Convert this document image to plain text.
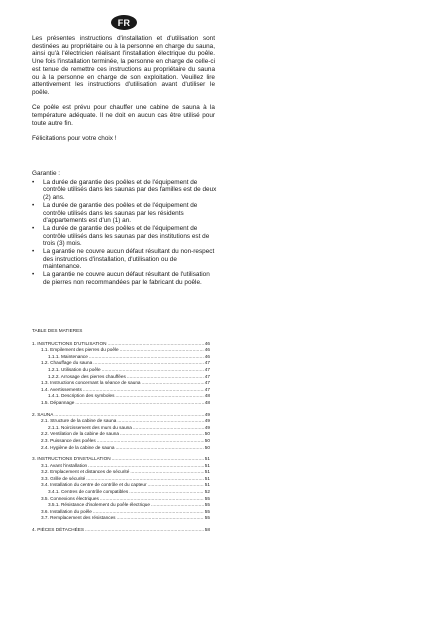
FR

Les présentes instructions d'installation et d'utilisation sont destinées au propriétaire ou à la personne en charge du sauna, ainsi qu'à l'électricien réalisant l'installation électrique du poêle. Une fois l'installation terminée, la personne en charge de celle-ci est tenue de remettre ces instructions au propriétaire du sauna ou à la personne en charge de son exploitation. Veuillez lire attentivement les instructions d'utilisation avant d'utiliser le poêle.

Ce poêle est prévu pour chauffer une cabine de sauna à la température adéquate. Il ne doit en aucun cas être utilisé pour toute autre fin.

Félicitations pour votre choix !

Garantie :

• La durée de garantie des poêles et de l'équipement de contrôle utilisés dans les saunas par des familles est de deux (2) ans.
• La durée de garantie des poêles et de l'équipement de contrôle utilisés dans les saunas par les résidents d'appartements est d'un (1) an.
• La durée de garantie des poêles et de l'équipement de contrôle utilisés dans les saunas par des institutions est de trois (3) mois.
• La garantie ne couvre aucun défaut résultant du non-respect des instructions d'installation, d'utilisation ou de maintenance.
• La garantie ne couvre aucun défaut résultant de l'utilisation de pierres non recommandées par le fabricant du poêle.

TABLE DES MATIERES

1. INSTRUCTIONS D'UTILISATION .....	46
1.1. Empilement des pierres du poêle .....	46
1.1.1. Maintenance .....	46
1.2. Chauffage du sauna .....	47
1.2.1. Utilisation du poêle .....	47
1.2.2. Arrosage des pierres chauffées .....	47
1.3. Instructions concernant la séance de sauna .....	47
1.4. Avertissements .....	47
1.4.1. Description des symboles .....	48
1.5. Dépannage .....	48
2. SAUNA .....	49
2.1. Structure de la cabine de sauna .....	49
2.1.1. Noircissement des murs du sauna .....	49
2.2. Ventilation de la cabine de sauna .....	50
2.3. Puissance des poêles .....	50
2.4. Hygiène de la cabine de sauna .....	50
3. INSTRUCTIONS D'INSTALLATION .....	51
3.1. Avant l'installation .....	51
3.2. Emplacement et distances de sécurité .....	51
3.3. Grille de sécurité .....	51
3.4. Installation du centre de contrôle et du capteur .....	51
3.4.1. Centres de contrôle compatibles .....	52
3.5. Connexions électriques .....	55
3.5.1. Résistance d'isolement du poêle électrique .....	55
3.6. Installation du poêle .....	55
3.7. Remplacement des résistances .....	55
4. PIÈCES DÉTACHÉES .....	58
